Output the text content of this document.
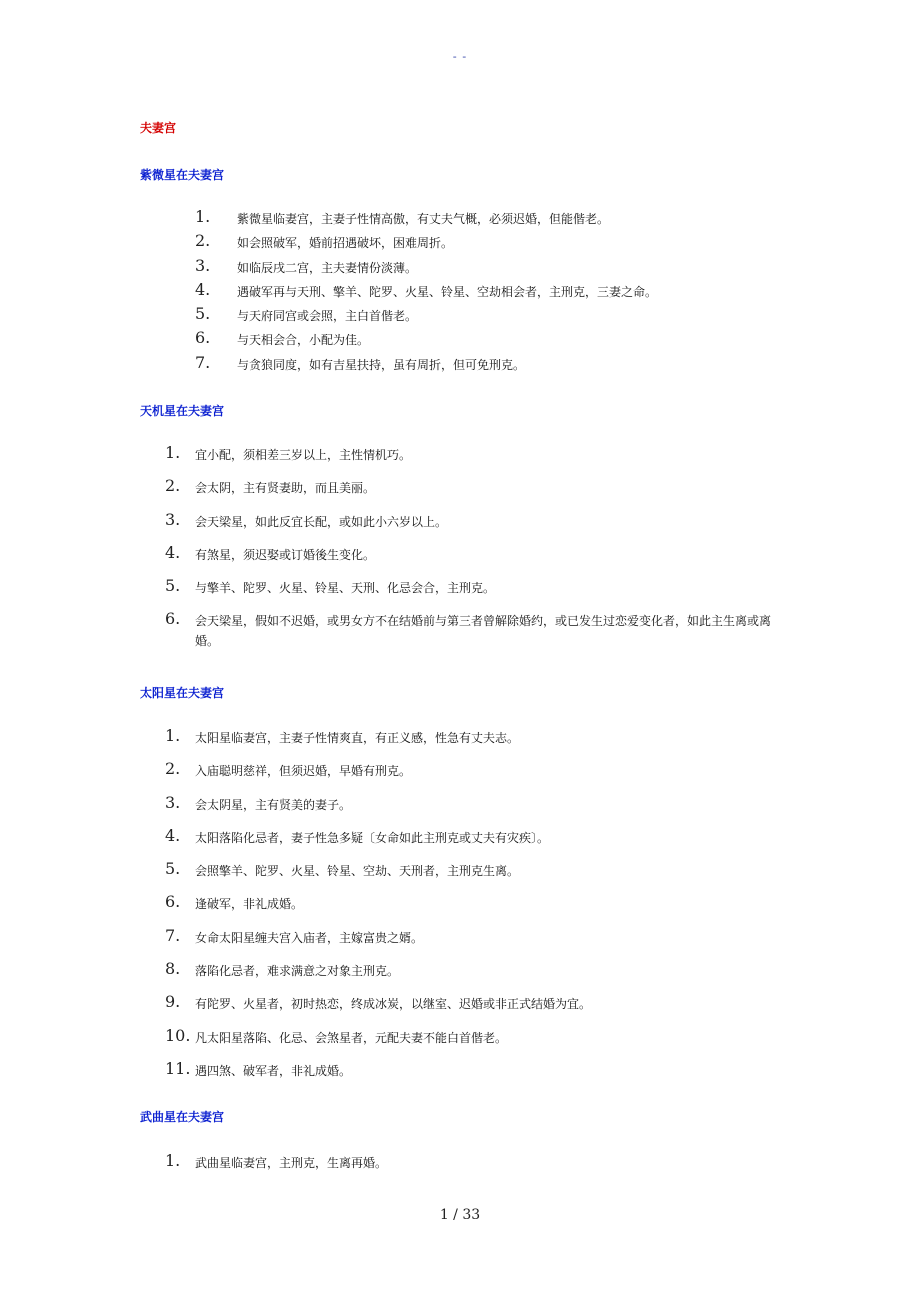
- -
夫妻宫
紫微星在夫妻宫
1. 紫微星临妻宫，主妻子性情高傲，有丈夫气概，必须迟婚，但能偕老。
2. 如会照破军，婚前招遇破坏，困难周折。
3. 如临辰戌二宫，主夫妻情份淡薄。
4. 遇破军再与天刑、擎羊、陀罗、火星、铃星、空劫相会者，主刑克，三妻之命。
5. 与天府同宫或会照，主白首偕老。
6. 与天相会合，小配为佳。
7. 与贪狼同度，如有吉星扶持，虽有周折，但可免刑克。
天机星在夫妻宫
1. 宜小配，须相差三岁以上，主性情机巧。
2. 会太阴，主有贤妻助，而且美丽。
3. 会天梁星，如此反宜长配，或如此小六岁以上。
4. 有煞星，须迟娶或订婚後生变化。
5. 与擎羊、陀罗、火星、铃星、天刑、化忌会合，主刑克。
6. 会天梁星，假如不迟婚，或男女方不在结婚前与第三者曾解除婚约，或已发生过恋爱变化者，如此主生离或离婚。
太阳星在夫妻宫
1. 太阳星临妻宫，主妻子性情爽直，有正义感，性急有丈夫志。
2. 入庙聪明慈祥，但须迟婚，早婚有刑克。
3. 会太阴星，主有贤美的妻子。
4. 太阳落陷化忌者，妻子性急多疑〔女命如此主刑克或丈夫有灾疾〕。
5. 会照擎羊、陀罗、火星、铃星、空劫、天刑者，主刑克生离。
6. 逢破军，非礼成婚。
7. 女命太阳星缠夫宫入庙者，主嫁富贵之婿。
8. 落陷化忌者，难求满意之对象主刑克。
9. 有陀罗、火星者，初时热恋，终成冰炭，以继室、迟婚或非正式结婚为宜。
10. 凡太阳星落陷、化忌、会煞星者，元配夫妻不能白首偕老。
11. 遇四煞、破军者，非礼成婚。
武曲星在夫妻宫
1. 武曲星临妻宫，主刑克，生离再婚。
1 / 33
